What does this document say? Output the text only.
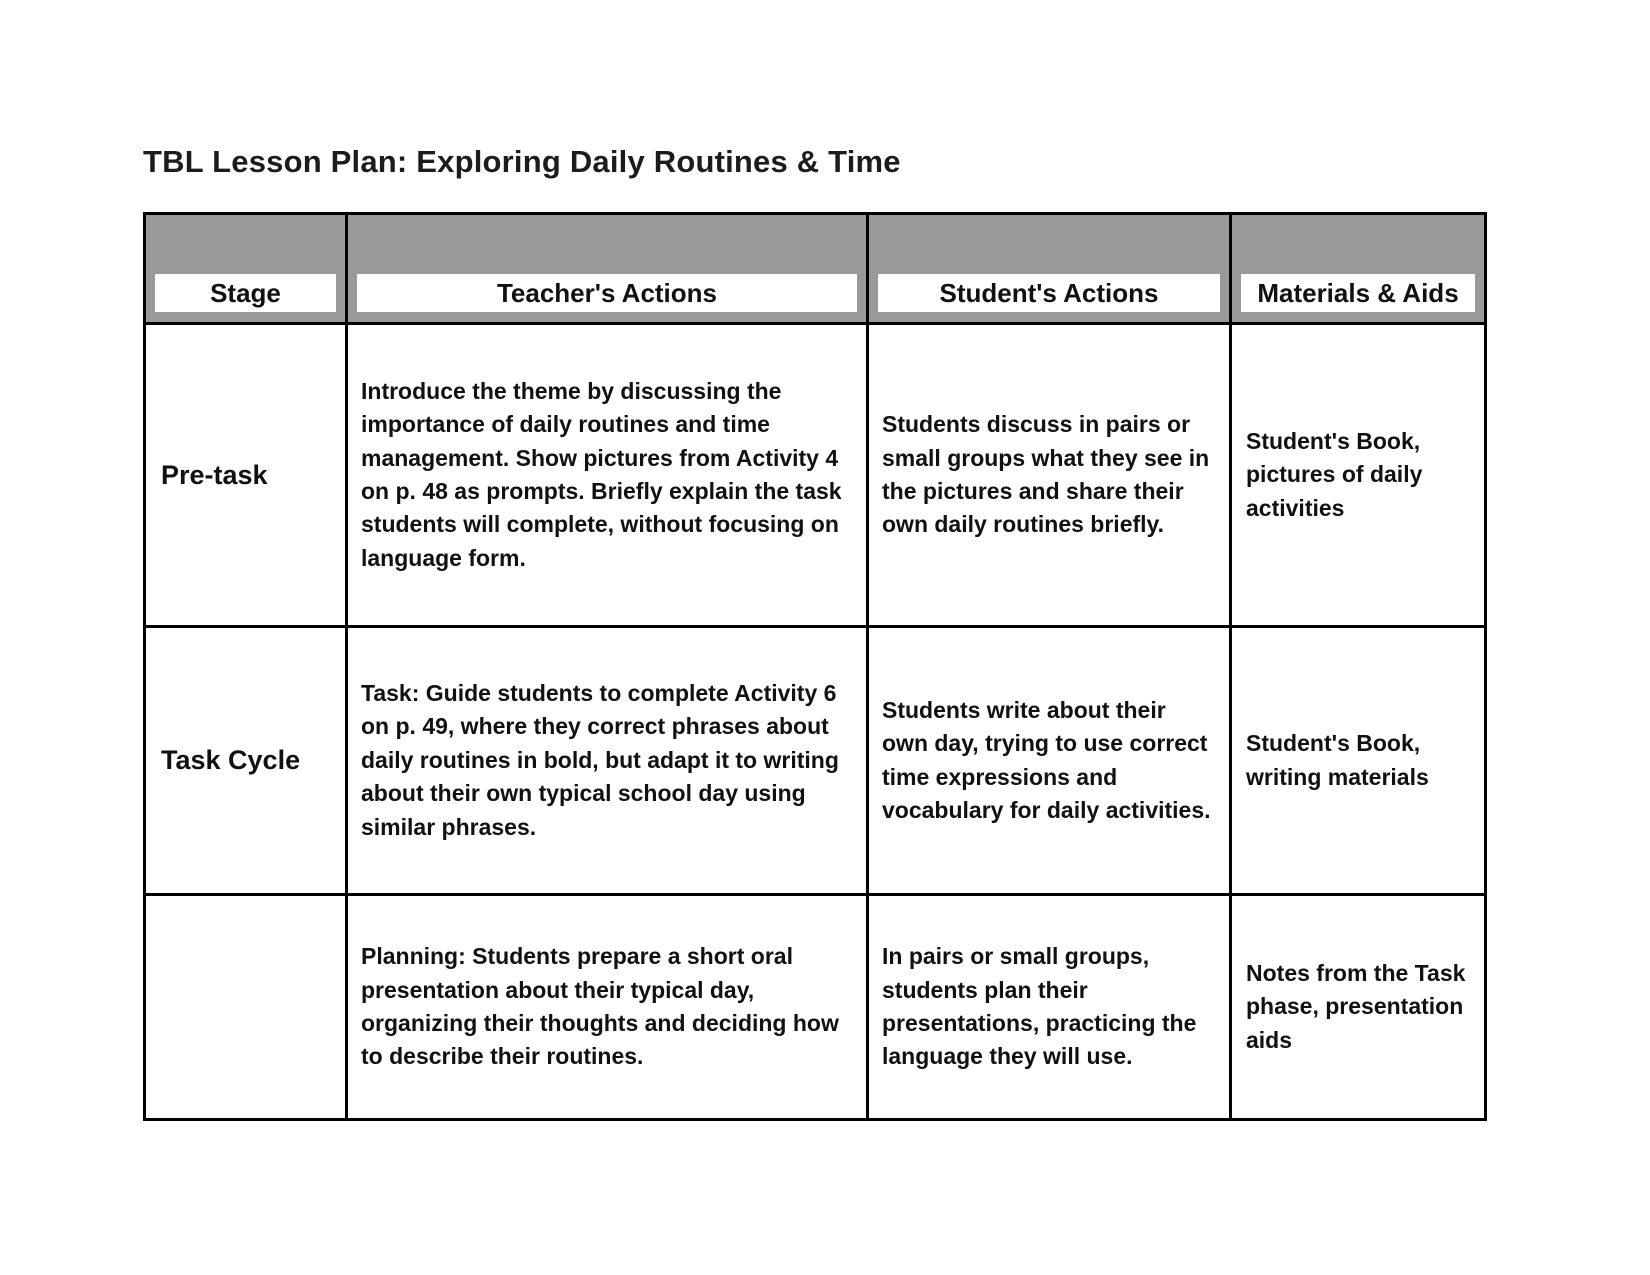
TBL Lesson Plan: Exploring Daily Routines & Time
Stage	Teacher's Actions	Student's Actions	Materials & Aids

Pre-task	Introduce the theme by discussing the importance of daily routines and time management. Show pictures from Activity 4 on p. 48 as prompts. Briefly explain the task students will complete, without focusing on language form.	Students discuss in pairs or small groups what they see in the pictures and share their own daily routines briefly.	Student's Book, pictures of daily activities

Task Cycle	Task: Guide students to complete Activity 6 on p. 49, where they correct phrases about daily routines in bold, but adapt it to writing about their own typical school day using similar phrases.	Students write about their own day, trying to use correct time expressions and vocabulary for daily activities.	Student's Book, writing materials

	Planning: Students prepare a short oral presentation about their typical day, organizing their thoughts and deciding how to describe their routines.	In pairs or small groups, students plan their presentations, practicing the language they will use.	Notes from the Task phase, presentation aids
